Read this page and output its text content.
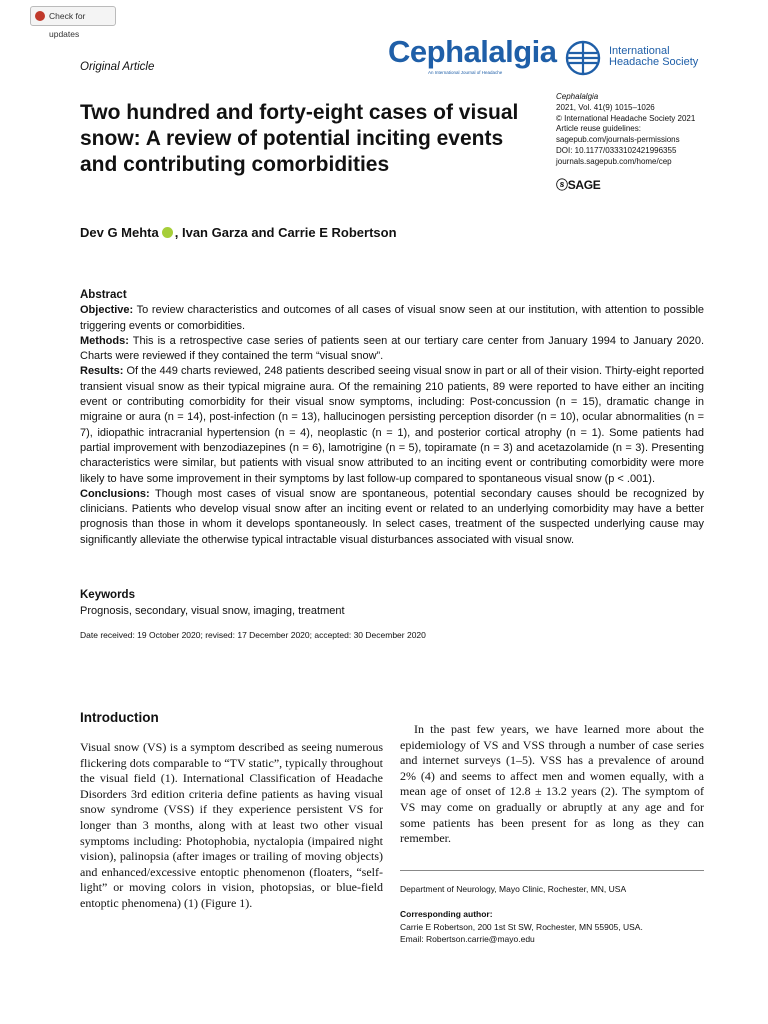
Check for updates
Original Article	Cephalalgia
An International Journal of Headache
International
Headache Society
Two hundred and forty-eight cases of visual snow: A review of potential inciting events and contributing comorbidities
Cephalalgia
2021, Vol. 41(9) 1015–1026
© International Headache Society 2021
Article reuse guidelines:
sagepub.com/journals-permissions
DOI: 10.1177/0333102421996355
journals.sagepub.com/home/cep
ⓢSAGE
Dev G Mehta , Ivan Garza and Carrie E Robertson

Abstract

Objective: To review characteristics and outcomes of all cases of visual snow seen at our institution, with attention to possible triggering events or comorbidities.

Methods: This is a retrospective case series of patients seen at our tertiary care center from January 1994 to January 2020. Charts were reviewed if they contained the term “visual snow”.

Results: Of the 449 charts reviewed, 248 patients described seeing visual snow in part or all of their vision. Thirty-eight reported transient visual snow as their typical migraine aura. Of the remaining 210 patients, 89 were reported to have either an inciting event or contributing comorbidity for their visual snow symptoms, including: Post-concussion (n = 15), dramatic change in migraine or aura (n = 14), post-infection (n = 13), hallucinogen persisting perception disorder (n = 10), ocular abnormalities (n = 7), idiopathic intracranial hypertension (n = 4), neoplastic (n = 1), and posterior cortical atrophy (n = 1). Some patients had partial improvement with benzodiazepines (n = 6), lamotrigine (n = 5), topiramate (n = 3) and acetazolamide (n = 3). Presenting characteristics were similar, but patients with visual snow attributed to an inciting event or contributing comorbidity were more likely to have some improvement in their symptoms by last follow-up compared to spontaneous visual snow (p < .001).

Conclusions: Though most cases of visual snow are spontaneous, potential secondary causes should be recognized by clinicians. Patients who develop visual snow after an inciting event or related to an underlying comorbidity may have a better prognosis than those in whom it develops spontaneously. In select cases, treatment of the suspected underlying cause may significantly alleviate the otherwise typical intractable visual disturbances associated with visual snow.

Keywords
Prognosis, secondary, visual snow, imaging, treatment
Date received: 19 October 2020; revised: 17 December 2020; accepted: 30 December 2020
Introduction

Visual snow (VS) is a symptom described as seeing numerous flickering dots comparable to “TV static”, typically throughout the visual field (1). International Classification of Headache Disorders 3rd edition criteria define patients as having visual snow syndrome (VSS) if they experience persistent VS for longer than 3 months, along with at least two other visual symptoms including: Photophobia, nyctalopia (impaired night vision), palinopsia (after images or trailing of moving objects) and enhanced/excessive entoptic phenomenon (floaters, “self-light” or moving colors in vision, photopsias, or blue-field entoptic phenomena) (1) (Figure 1).

In the past few years, we have learned more about the epidemiology of VS and VSS through a number of case series and internet surveys (1–5). VSS has a prevalence of around 2% (4) and seems to affect men and women equally, with a mean age of onset of 12.8 ± 13.2 years (2). The symptom of VS may come on gradually or abruptly at any age and for some patients has been present for as long as they can remember.

Department of Neurology, Mayo Clinic, Rochester, MN, USA
Corresponding author:
Carrie E Robertson, 200 1st St SW, Rochester, MN 55905, USA.
Email: Robertson.carrie@mayo.edu
